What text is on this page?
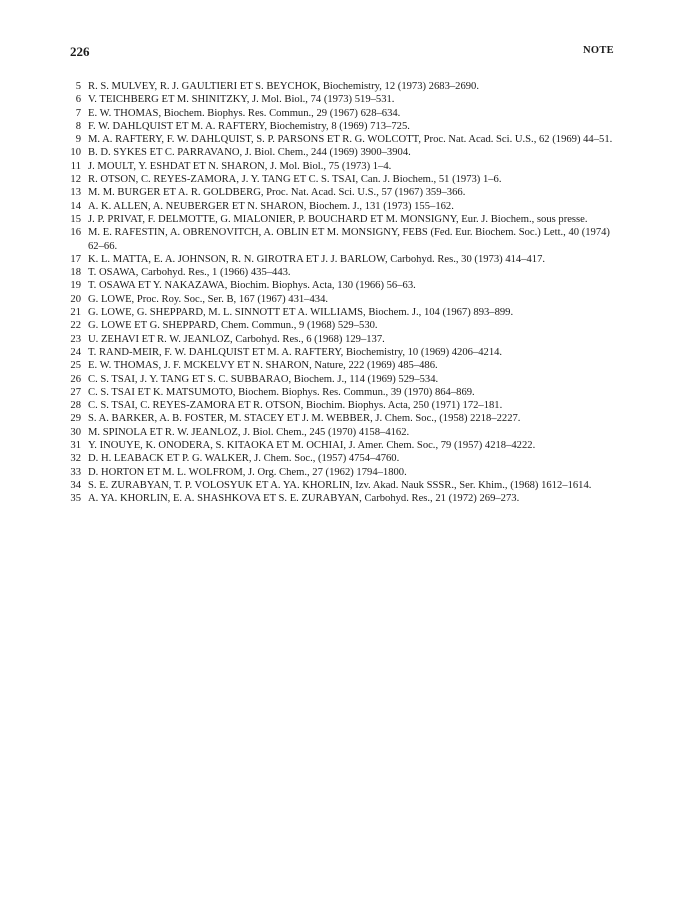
226	NOTE
5 R. S. MULVEY, R. J. GAULTIERI ET S. BEYCHOK, Biochemistry, 12 (1973) 2683–2690.
6 V. TEICHBERG ET M. SHINITZKY, J. Mol. Biol., 74 (1973) 519–531.
7 E. W. THOMAS, Biochem. Biophys. Res. Commun., 29 (1967) 628–634.
8 F. W. DAHLQUIST ET M. A. RAFTERY, Biochemistry, 8 (1969) 713–725.
9 M. A. RAFTERY, F. W. DAHLQUIST, S. P. PARSONS ET R. G. WOLCOTT, Proc. Nat. Acad. Sci. U.S., 62 (1969) 44–51.
10 B. D. SYKES ET C. PARRAVANO, J. Biol. Chem., 244 (1969) 3900–3904.
11 J. MOULT, Y. ESHDAT ET N. SHARON, J. Mol. Biol., 75 (1973) 1–4.
12 R. OTSON, C. REYES-ZAMORA, J. Y. TANG ET C. S. TSAI, Can. J. Biochem., 51 (1973) 1–6.
13 M. M. BURGER ET A. R. GOLDBERG, Proc. Nat. Acad. Sci. U.S., 57 (1967) 359–366.
14 A. K. ALLEN, A. NEUBERGER ET N. SHARON, Biochem. J., 131 (1973) 155–162.
15 J. P. PRIVAT, F. DELMOTTE, G. MIALONIER, P. BOUCHARD ET M. MONSIGNY, Eur. J. Biochem., sous presse.
16 M. E. RAFESTIN, A. OBRENOVITCH, A. OBLIN ET M. MONSIGNY, FEBS (Fed. Eur. Biochem. Soc.) Lett., 40 (1974) 62–66.
17 K. L. MATTA, E. A. JOHNSON, R. N. GIROTRA ET J. J. BARLOW, Carbohyd. Res., 30 (1973) 414–417.
18 T. OSAWA, Carbohyd. Res., 1 (1966) 435–443.
19 T. OSAWA ET Y. NAKAZAWA, Biochim. Biophys. Acta, 130 (1966) 56–63.
20 G. LOWE, Proc. Roy. Soc., Ser. B, 167 (1967) 431–434.
21 G. LOWE, G. SHEPPARD, M. L. SINNOTT ET A. WILLIAMS, Biochem. J., 104 (1967) 893–899.
22 G. LOWE ET G. SHEPPARD, Chem. Commun., 9 (1968) 529–530.
23 U. ZEHAVI ET R. W. JEANLOZ, Carbohyd. Res., 6 (1968) 129–137.
24 T. RAND-MEIR, F. W. DAHLQUIST ET M. A. RAFTERY, Biochemistry, 10 (1969) 4206–4214.
25 E. W. THOMAS, J. F. MCKELVY ET N. SHARON, Nature, 222 (1969) 485–486.
26 C. S. TSAI, J. Y. TANG ET S. C. SUBBARAO, Biochem. J., 114 (1969) 529–534.
27 C. S. TSAI ET K. MATSUMOTO, Biochem. Biophys. Res. Commun., 39 (1970) 864–869.
28 C. S. TSAI, C. REYES-ZAMORA ET R. OTSON, Biochim. Biophys. Acta, 250 (1971) 172–181.
29 S. A. BARKER, A. B. FOSTER, M. STACEY ET J. M. WEBBER, J. Chem. Soc., (1958) 2218–2227.
30 M. SPINOLA ET R. W. JEANLOZ, J. Biol. Chem., 245 (1970) 4158–4162.
31 Y. INOUYE, K. ONODERA, S. KITAOKA ET M. OCHIAI, J. Amer. Chem. Soc., 79 (1957) 4218–4222.
32 D. H. LEABACK ET P. G. WALKER, J. Chem. Soc., (1957) 4754–4760.
33 D. HORTON ET M. L. WOLFROM, J. Org. Chem., 27 (1962) 1794–1800.
34 S. E. ZURABYAN, T. P. VOLOSYUK ET A. YA. KHORLIN, Izv. Akad. Nauk SSSR., Ser. Khim., (1968) 1612–1614.
35 A. YA. KHORLIN, E. A. SHASHKOVA ET S. E. ZURABYAN, Carbohyd. Res., 21 (1972) 269–273.
